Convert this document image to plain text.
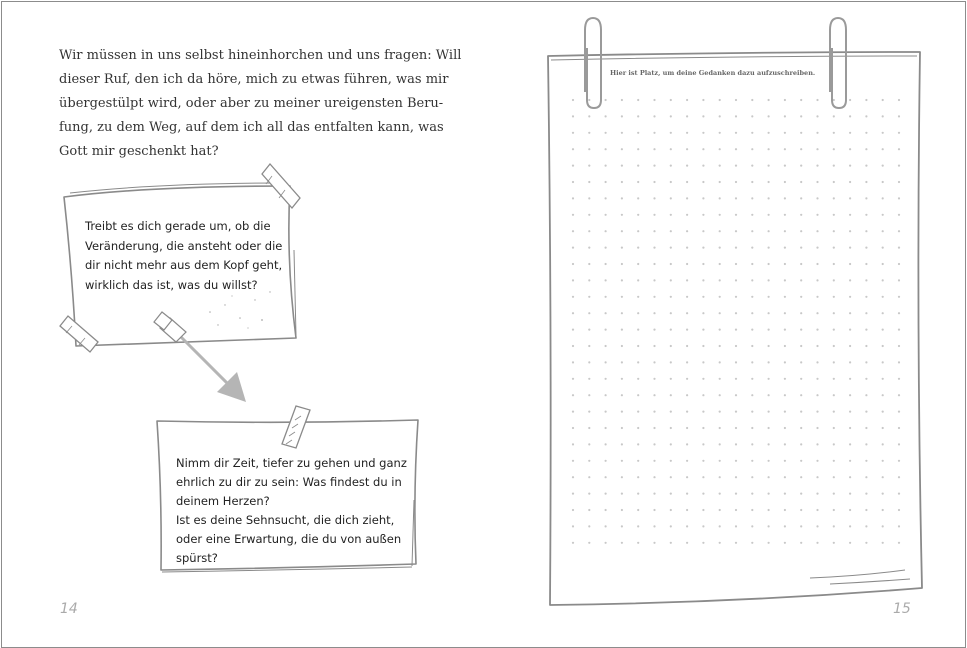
Wir müssen in uns selbst hineinhorchen und uns fragen: Will
dieser Ruf, den ich da höre, mich zu etwas führen, was mir
übergestülpt wird, oder aber zu meiner ureigensten Beru-
fung, zu dem Weg, auf dem ich all das entfalten kann, was
Gott mir geschenkt hat?

Treibt es dich gerade um, ob die
Veränderung, die ansteht oder die
dir nicht mehr aus dem Kopf geht,
wirklich das ist, was du willst?
Nimm dir Zeit, tiefer zu gehen und ganz
ehrlich zu dir zu sein: Was findest du in
deinem Herzen?
Ist es deine Sehnsucht, die dich zieht,
oder eine Erwartung, die du von außen
spürst?
Hier ist Platz, um deine Gedanken dazu aufzuschreiben.
14	15
